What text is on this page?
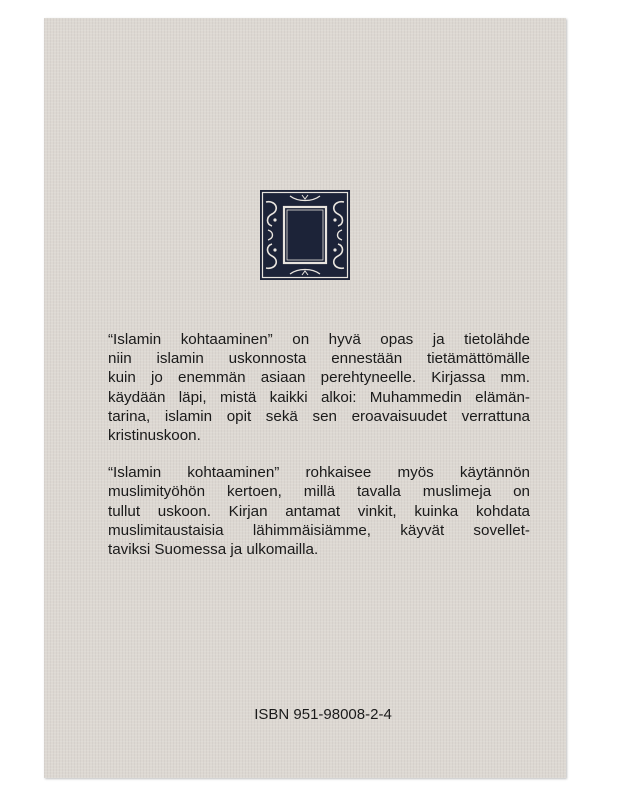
“Islamin kohtaaminen” on hyvä opas ja tietolähde
niin islamin uskonnosta ennestään tietämättömälle
kuin jo enemmän asiaan perehtyneelle. Kirjassa mm.
käydään läpi, mistä kaikki alkoi: Muhammedin elämän-
tarina, islamin opit sekä sen eroavaisuudet verrattuna
kristinuskoon.

“Islamin kohtaaminen” rohkaisee myös käytännön
muslimityöhön kertoen, millä tavalla muslimeja on
tullut uskoon. Kirjan antamat vinkit, kuinka kohdata
muslimitaustaisia lähimmäisiämme, käyvät sovellet-
taviksi Suomessa ja ulkomailla.

ISBN 951-98008-2-4
